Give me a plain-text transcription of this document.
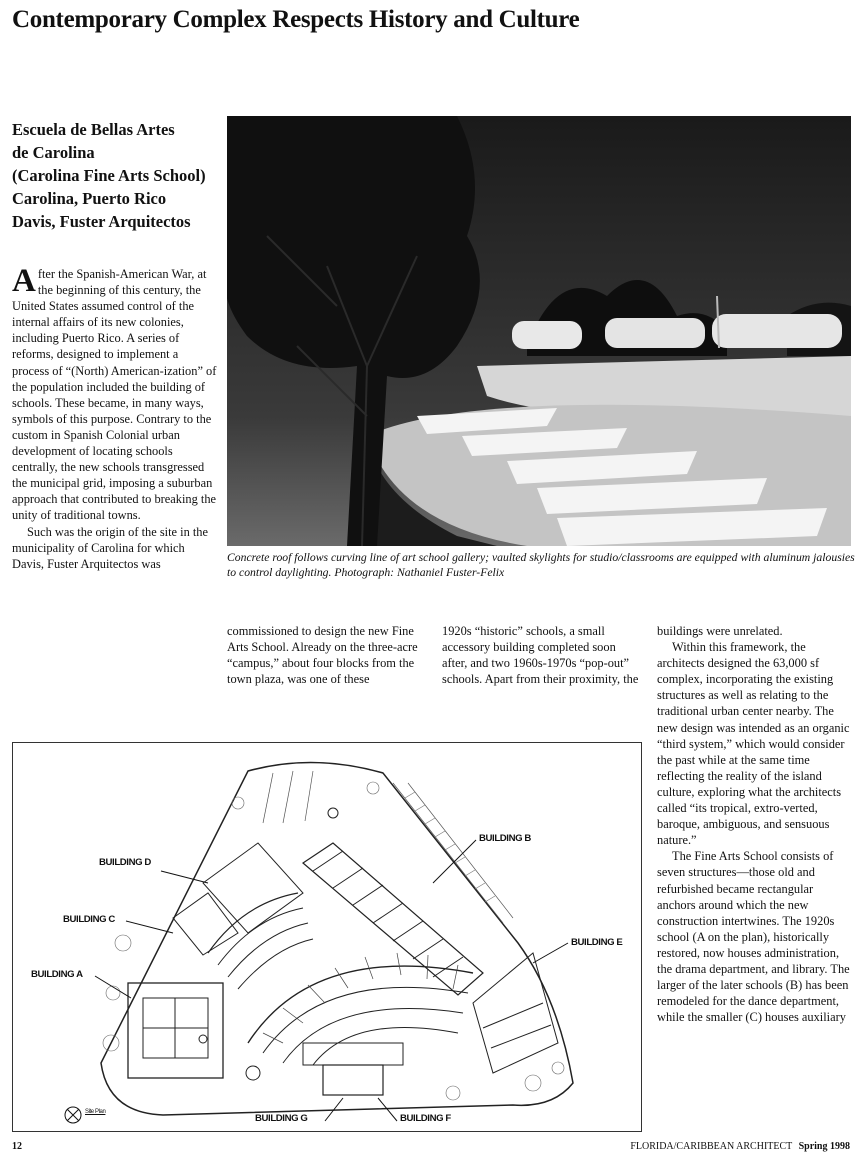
Contemporary Complex Respects History and Culture
Escuela de Bellas Artes
de Carolina
(Carolina Fine Arts School)
Carolina, Puerto Rico
Davis, Fuster Arquitectos

After the Spanish-American War, at the beginning of this century, the United States assumed control of the internal affairs of its new colonies, including Puerto Rico. A series of reforms, designed to implement a process of “(North) American-ization” of the population included the building of schools. These became, in many ways, symbols of this purpose. Contrary to the custom in Spanish Colonial urban development of locating schools centrally, the new schools transgressed the municipal grid, imposing a suburban approach that contributed to breaking the unity of traditional towns.

Such was the origin of the site in the municipality of Carolina for which Davis, Fuster Arquitectos was	Concrete roof follows curving line of art school gallery; vaulted skylights for studio/classrooms are equipped with aluminum jalousies to control daylighting. Photograph: Nathaniel Fuster-Felix

commissioned to design the new Fine Arts School. Already on the three-acre “campus,” about four blocks from the town plaza, was one of these

1920s “historic” schools, a small accessory building completed soon after, and two 1960s-1970s “pop-out” schools. Apart from their proximity, the

buildings were unrelated.

Within this framework, the architects designed the 63,000 sf complex, incorporating the existing structures as well as relating to the traditional urban center nearby. The new design was intended as an organic “third system,” which would consider the past while at the same time reflecting the reality of the island culture, exploring what the architects called “its tropical, extro-verted, baroque, ambiguous, and sensuous nature.”

The Fine Arts School consists of seven structures—those old and refurbished became rectangular anchors around which the new construction intertwines. The 1920s school (A on the plan), historically restored, now houses administration, the drama department, and library. The larger of the later schools (B) has been remodeled for the dance department, while the smaller (C) houses auxiliary

BUILDING D
BUILDING C
BUILDING A
BUILDING B
BUILDING E
BUILDING G	BUILDING F
Site Plan
12	FLORIDA/CARIBBEAN ARCHITECT Spring 1998
